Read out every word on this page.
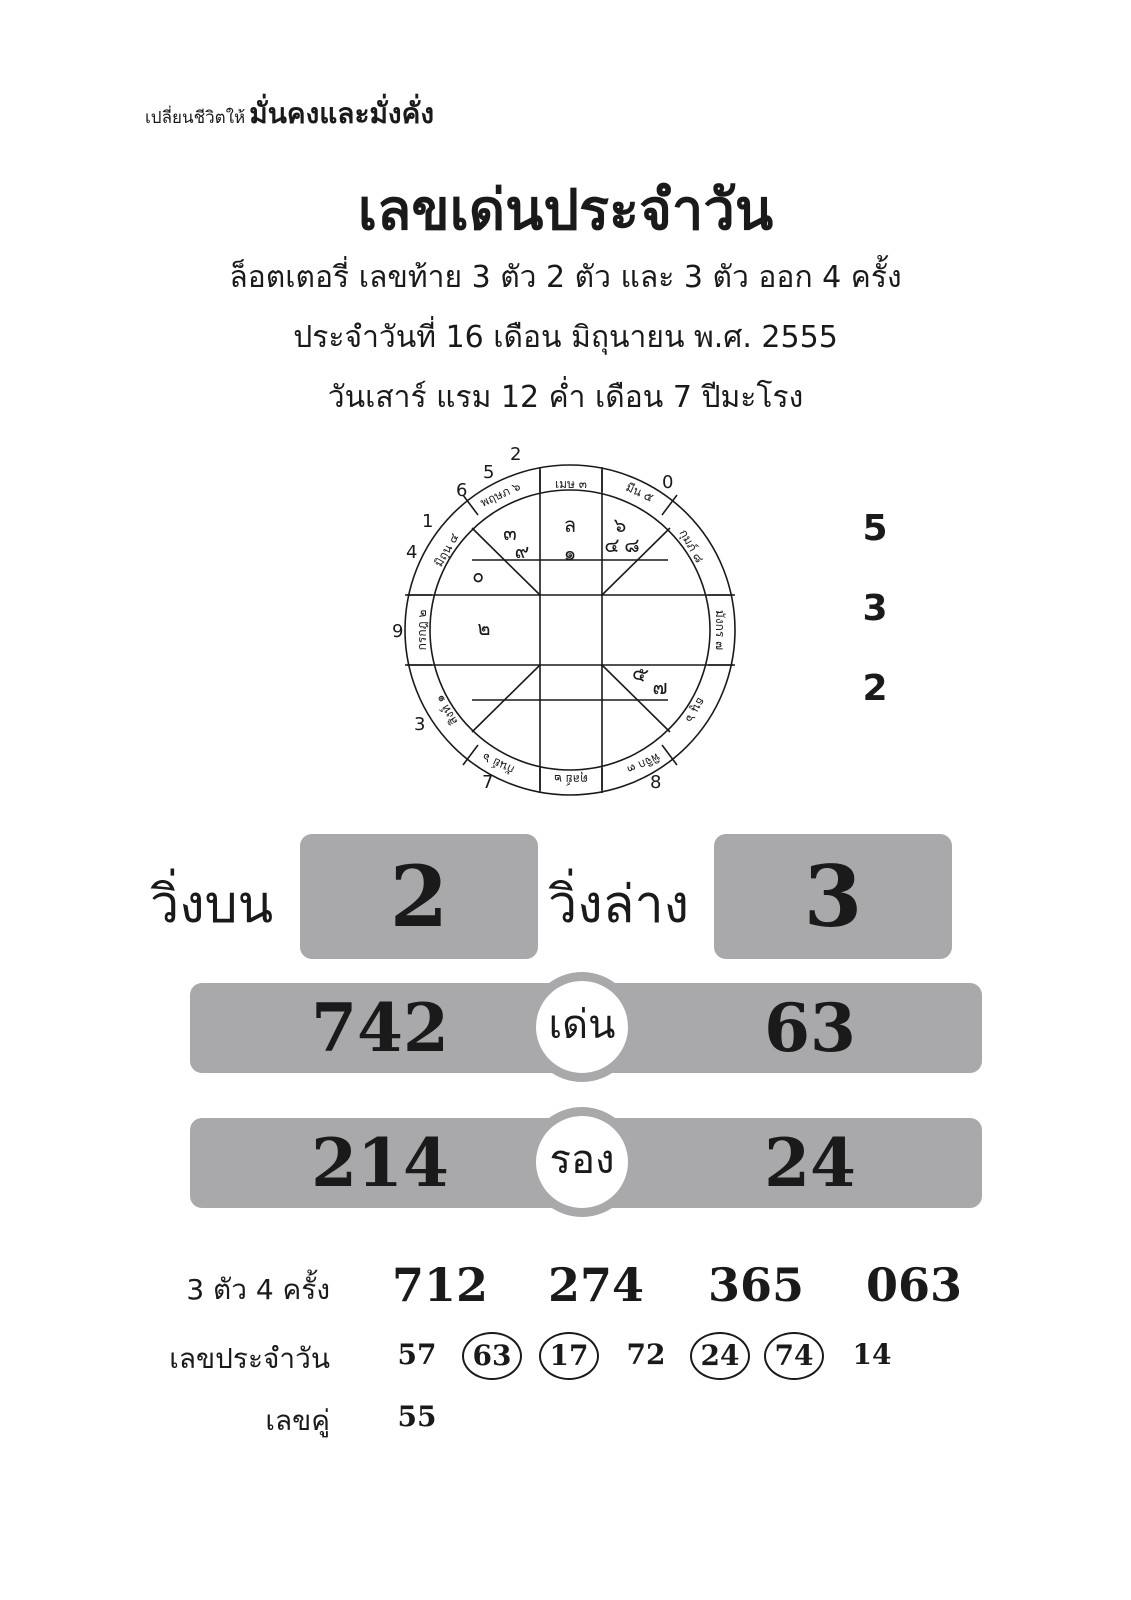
เปลี่ยนชีวิตให้ มั่นคงและมั่งคั่ง
เลขเด่นประจำวัน
ล็อตเตอรี่ เลขท้าย 3 ตัว 2 ตัว และ 3 ตัว ออก 4 ครั้ง
ประจำวันที่ 16 เดือน มิถุนายน พ.ศ. 2555
วันเสาร์ แรม 12 ค่ำ เดือน 7 ปีมะโรง
2
5
6	0
1
4
9
3
7	8
เมษ ๓	มีน ๕
กุมภ์ ๘
มังกร ๗
ธนู ๖
พิจิก ๓
ตุลย์ ๒
กันย์ ๖
สิงห์ ๑
กรกฎ ๒
มิถุน ๔
พฤษภ ๖
ล
๑
๓
๙
๖
๔ ๘
๐
๒
๕ ๗
5
3
2
วิ่งบน	2	วิ่งล่าง	3
742	63
เด่น
214	24
รอง
3 ตัว 4 ครั้ง 712 274 365 063
เลขประจำวัน	57	63	17	72	24	74	14
เลขคู่	55
